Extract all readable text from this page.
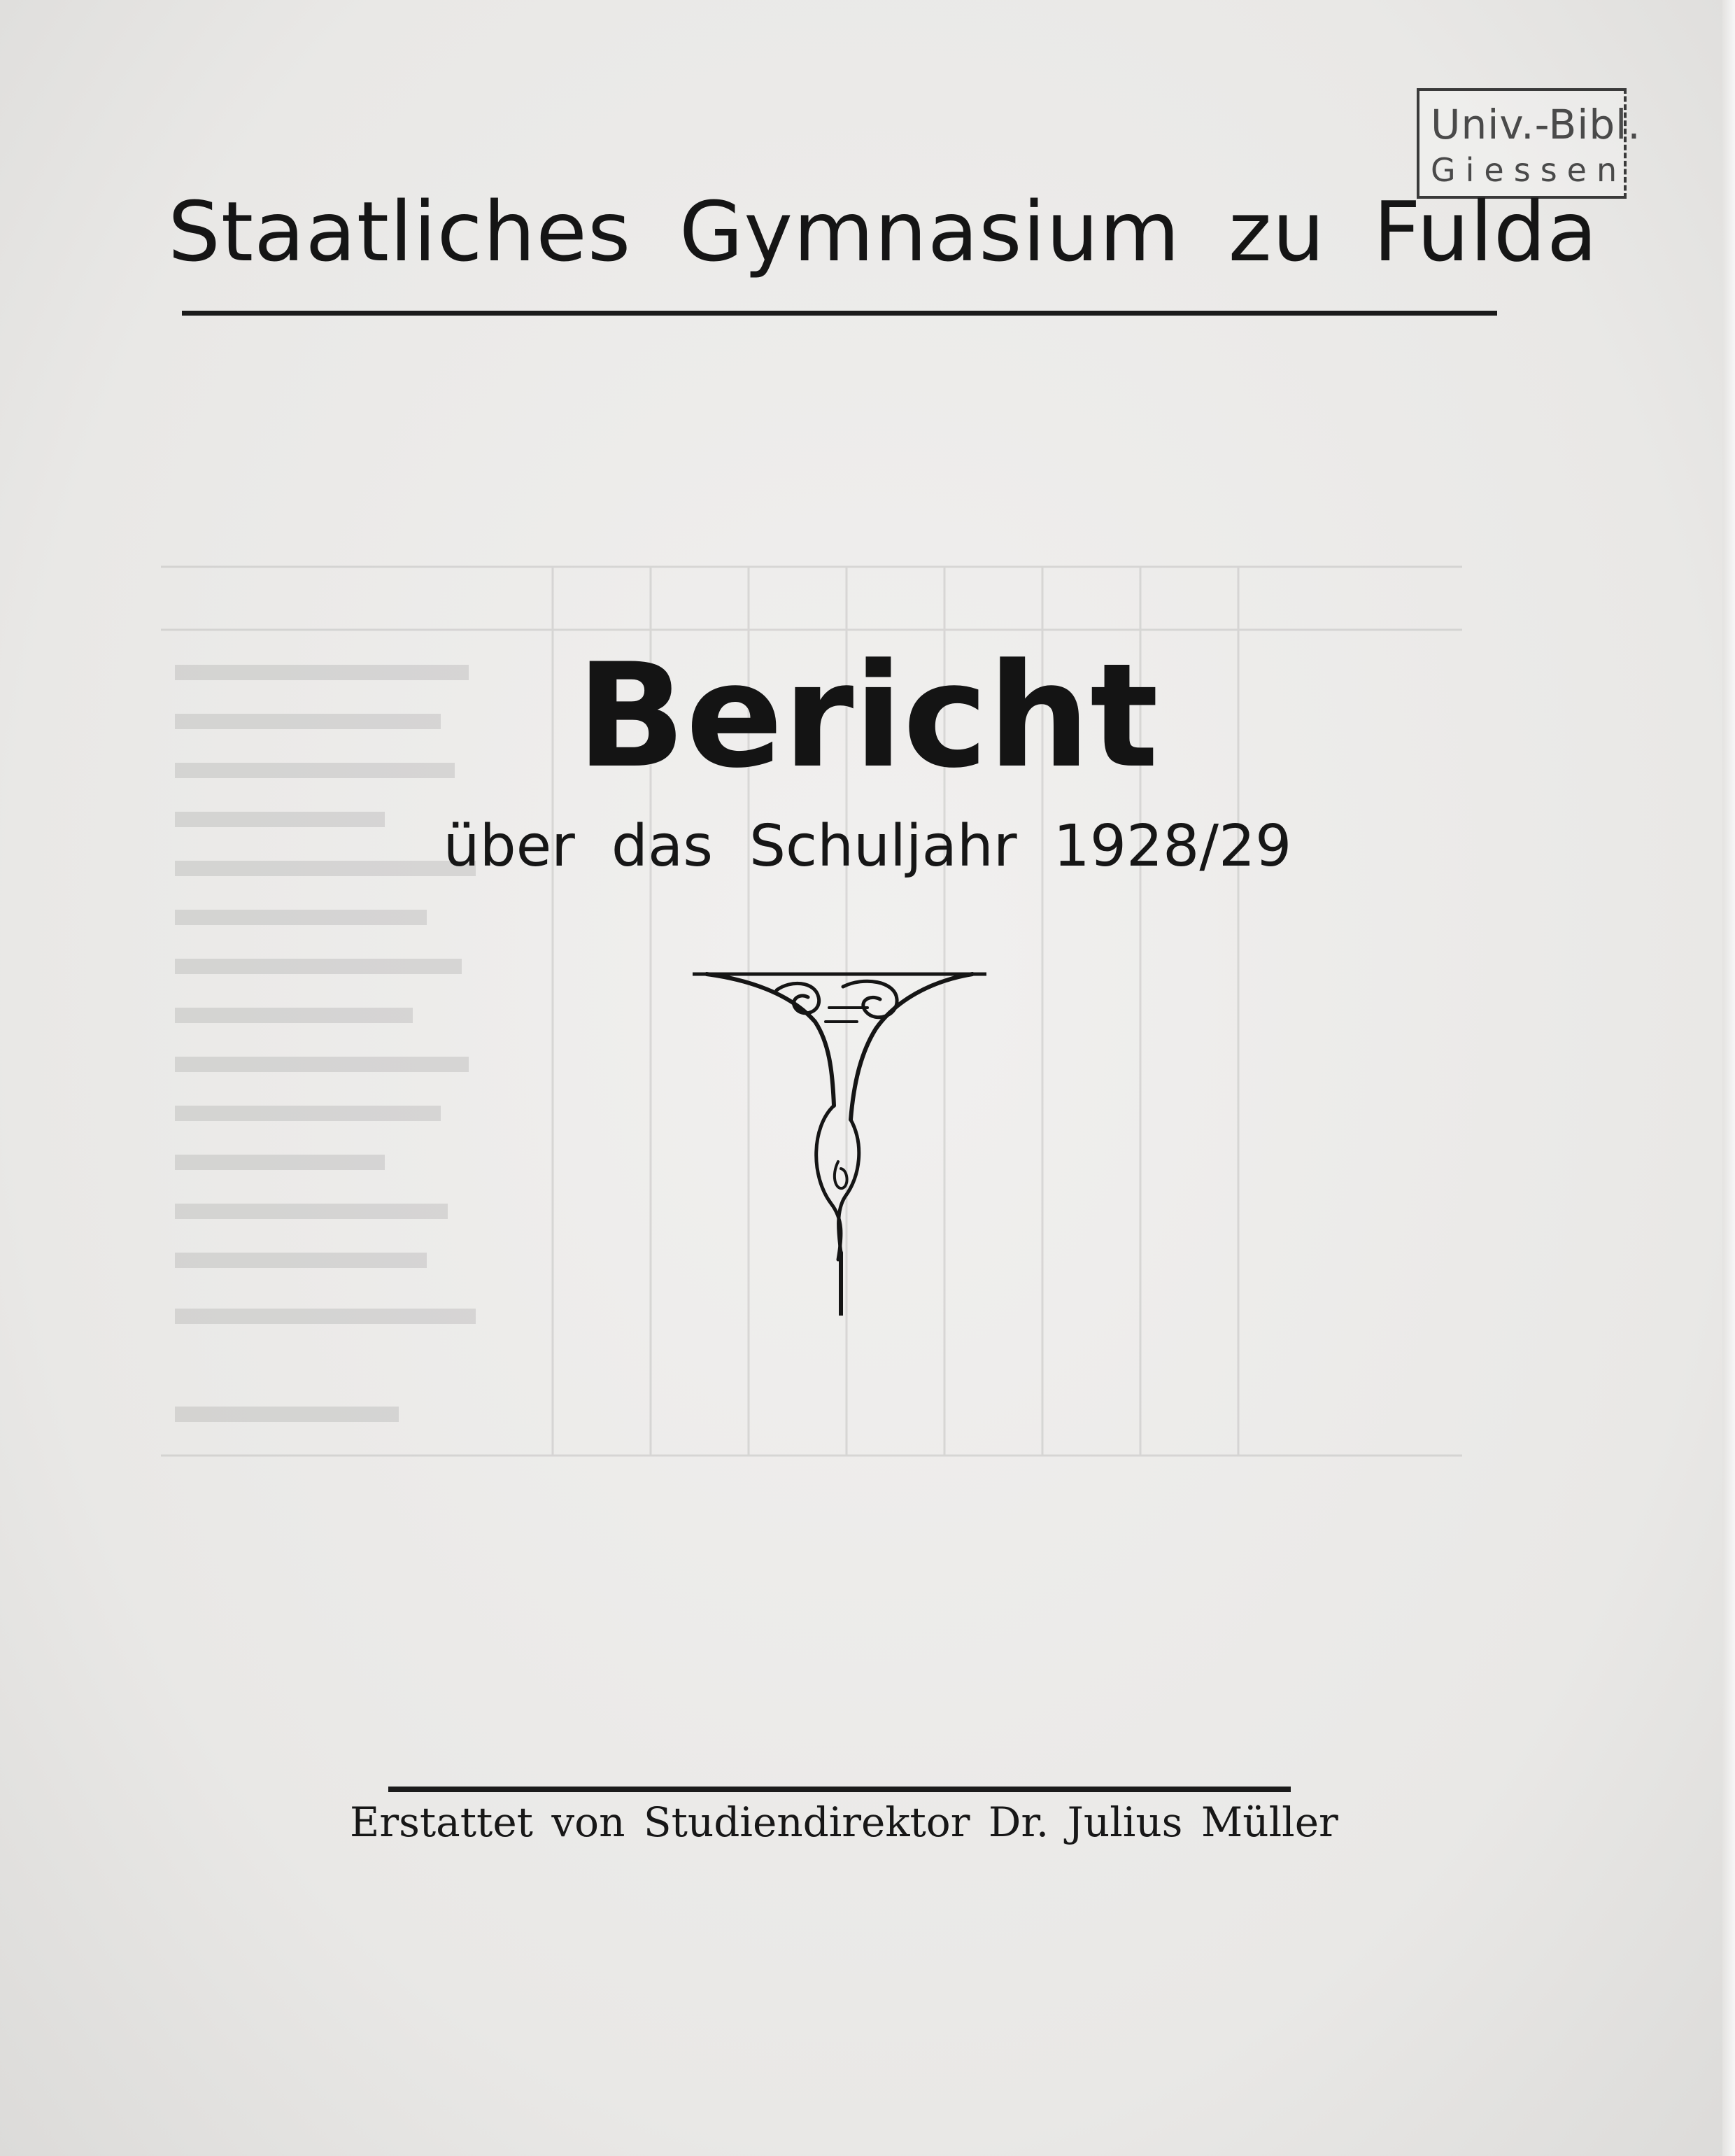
Univ.-Bibl.
Giessen
Staatliches Gymnasium zu Fulda
Bericht
über das Schuljahr 1928/29
Erstattet von Studiendirektor Dr. Julius Müller
